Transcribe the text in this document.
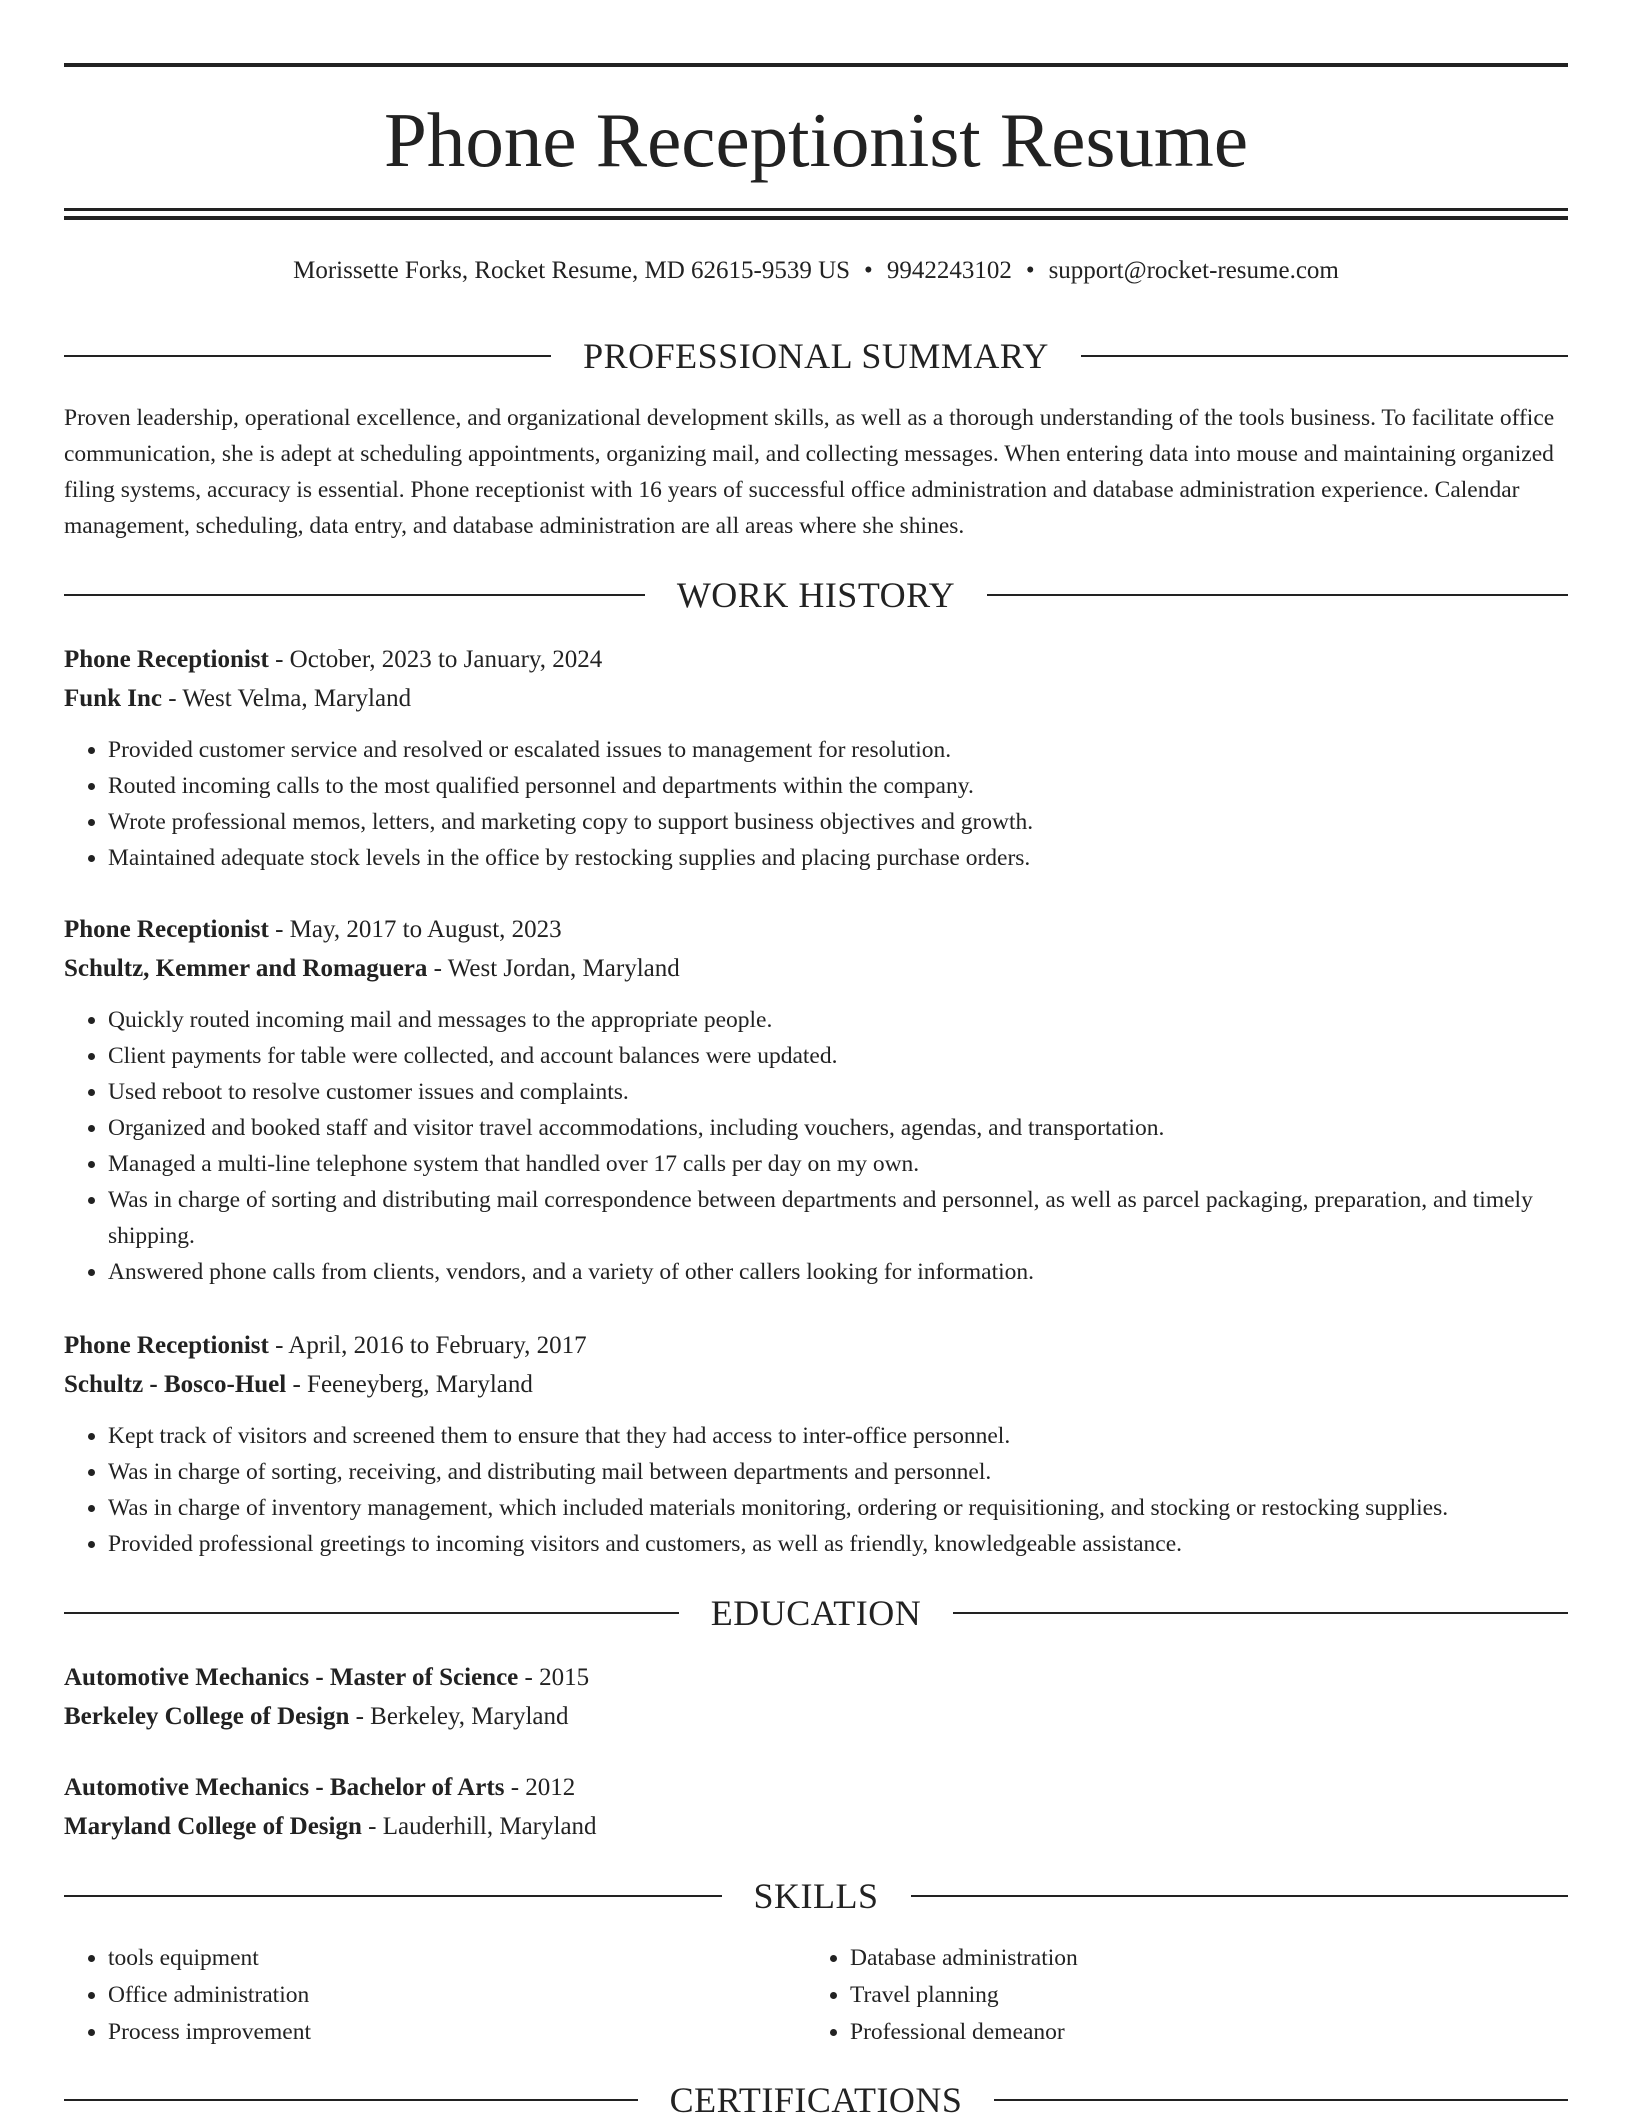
Phone Receptionist Resume
Morissette Forks, Rocket Resume, MD 62615-9539 US • 9942243102 • support@rocket-resume.com
PROFESSIONAL SUMMARY

Proven leadership, operational excellence, and organizational development skills, as well as a thorough understanding of the tools business. To facilitate office communication, she is adept at scheduling appointments, organizing mail, and collecting messages. When entering data into mouse and maintaining organized filing systems, accuracy is essential. Phone receptionist with 16 years of successful office administration and database administration experience. Calendar management, scheduling, data entry, and database administration are all areas where she shines.

WORK HISTORY

Phone Receptionist - October, 2023 to January, 2024

Funk Inc - West Velma, Maryland

• Provided customer service and resolved or escalated issues to management for resolution.
• Routed incoming calls to the most qualified personnel and departments within the company.
• Wrote professional memos, letters, and marketing copy to support business objectives and growth.
• Maintained adequate stock levels in the office by restocking supplies and placing purchase orders.

Phone Receptionist - May, 2017 to August, 2023

Schultz, Kemmer and Romaguera - West Jordan, Maryland

• Quickly routed incoming mail and messages to the appropriate people.
• Client payments for table were collected, and account balances were updated.
• Used reboot to resolve customer issues and complaints.
• Organized and booked staff and visitor travel accommodations, including vouchers, agendas, and transportation.
• Managed a multi-line telephone system that handled over 17 calls per day on my own.
• Was in charge of sorting and distributing mail correspondence between departments and personnel, as well as parcel packaging, preparation, and timely shipping.
• Answered phone calls from clients, vendors, and a variety of other callers looking for information.

Phone Receptionist - April, 2016 to February, 2017

Schultz - Bosco-Huel - Feeneyberg, Maryland

• Kept track of visitors and screened them to ensure that they had access to inter-office personnel.
• Was in charge of sorting, receiving, and distributing mail between departments and personnel.
• Was in charge of inventory management, which included materials monitoring, ordering or requisitioning, and stocking or restocking supplies.
• Provided professional greetings to incoming visitors and customers, as well as friendly, knowledgeable assistance.
EDUCATION

Automotive Mechanics - Master of Science - 2015

Berkeley College of Design - Berkeley, Maryland

Automotive Mechanics - Bachelor of Arts - 2012

Maryland College of Design - Lauderhill, Maryland

SKILLS
• tools equipment
• Office administration
• Process improvement
• Database administration
• Travel planning
• Professional demeanor
CERTIFICATIONS
